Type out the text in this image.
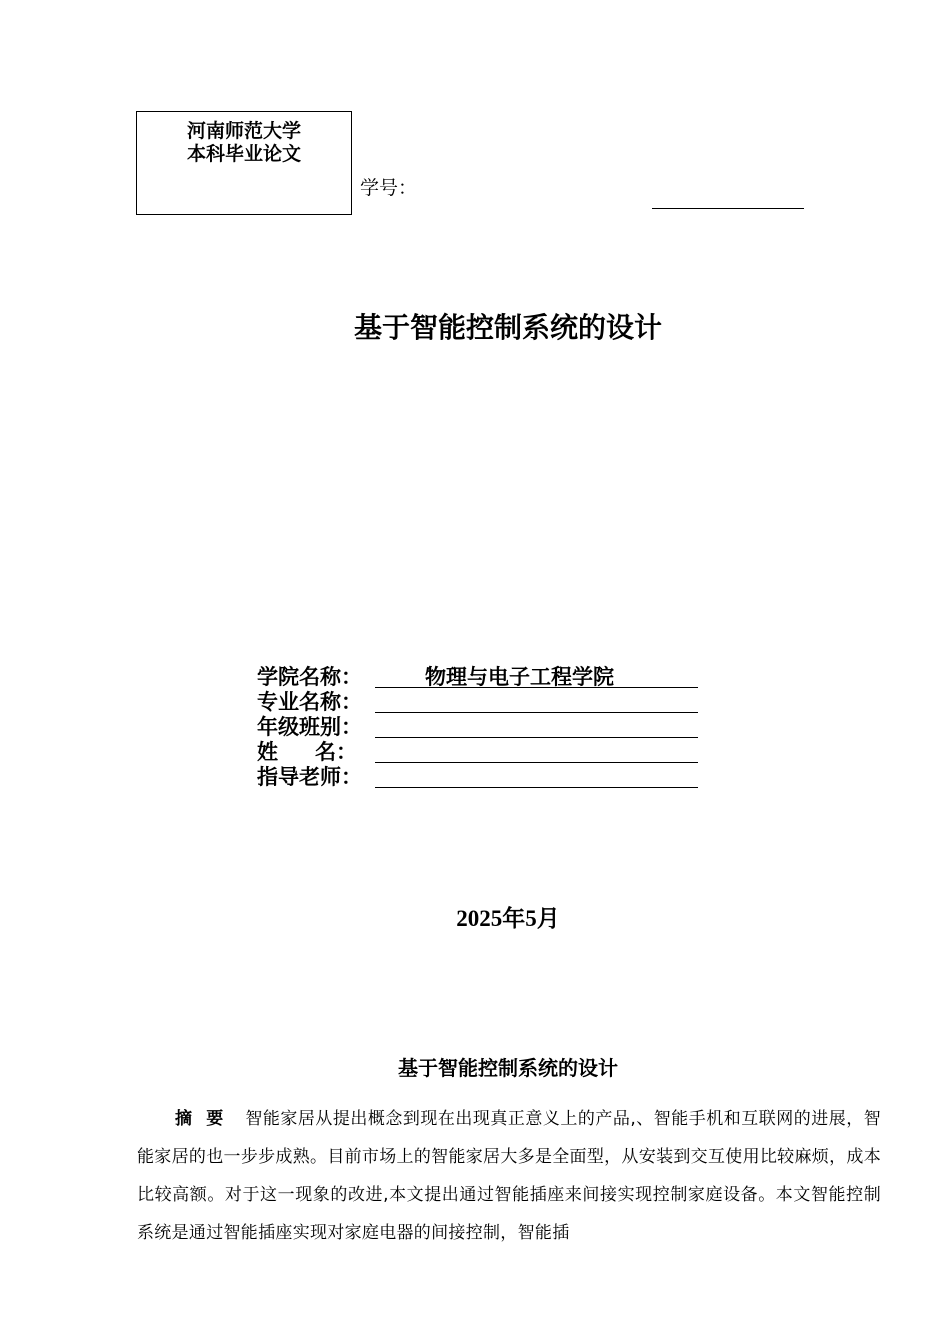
河南师范大学
本科毕业论文
学号：
基于智能控制系统的设计
学院名称：	物理与电子工程学院
专业名称：
年级班别：
姓 名：
指导老师：
2025年5月
基于智能控制系统的设计
摘要 智能家居从提出概念到现在出现真正意义上的产品,、智能手机和互联网的进展，智能家居的也一步步成熟。目前市场上的智能家居大多是全面型，从安装到交互使用比较麻烦，成本比较高额。对于这一现象的改进,本文提出通过智能插座来间接实现控制家庭设备。本文智能控制系统是通过智能插座实现对家庭电器的间接控制，智能插
